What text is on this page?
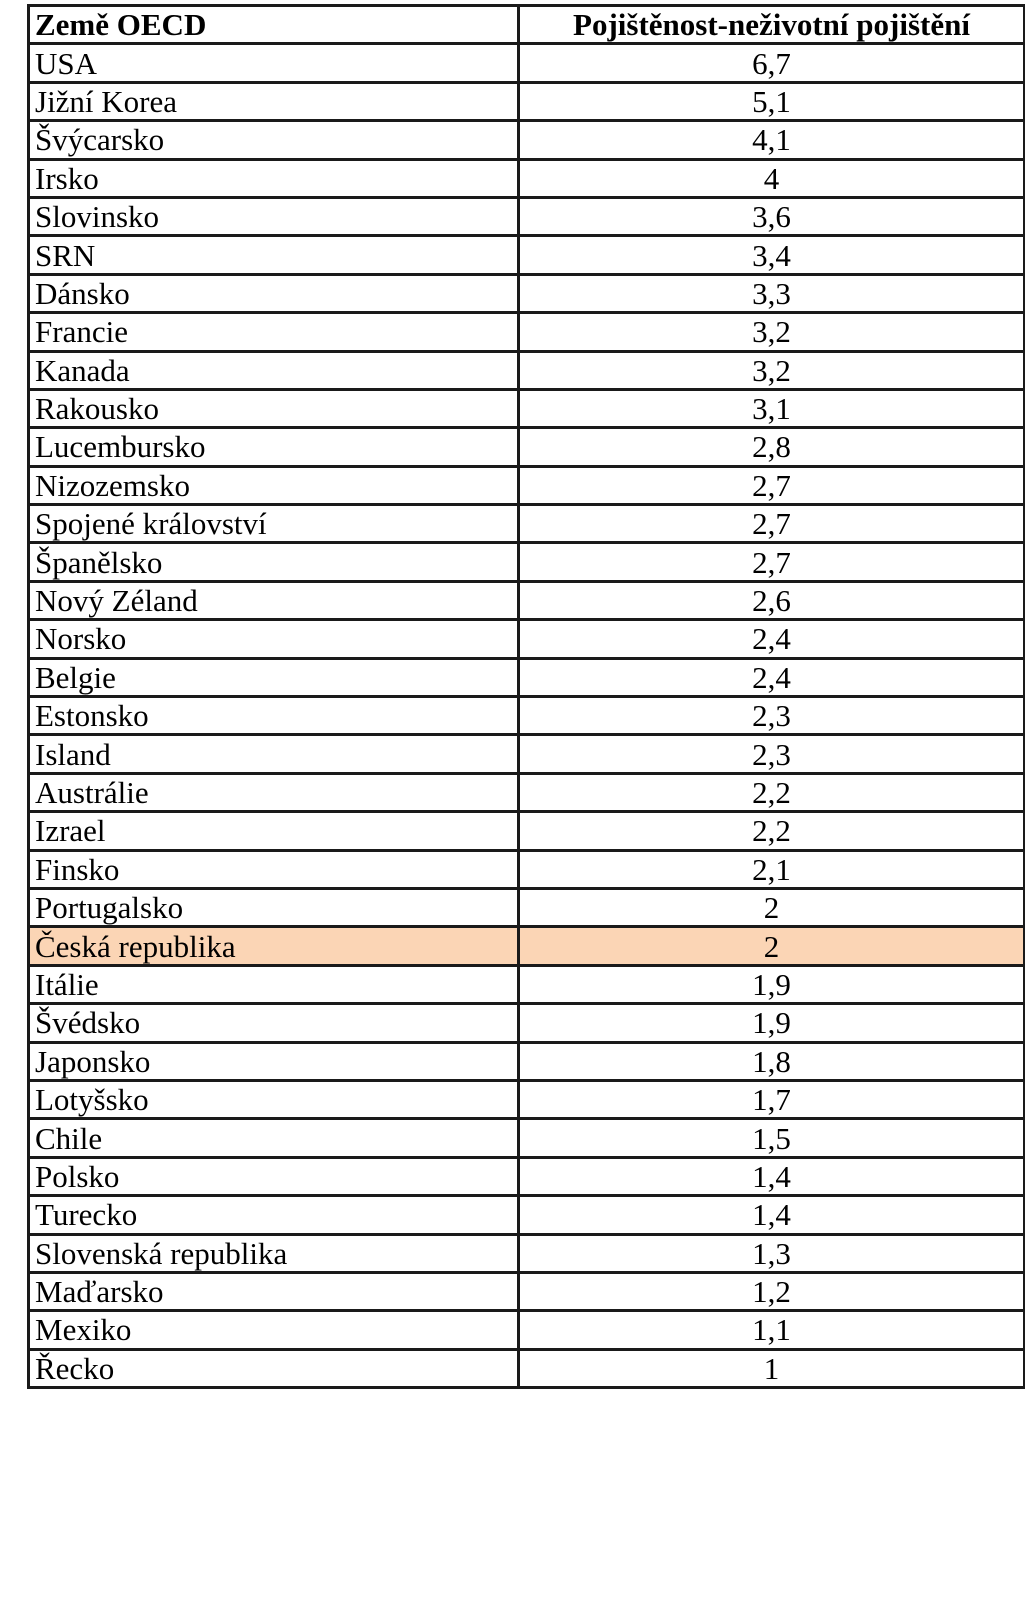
Země OECD	Pojištěnost-neživotní pojištění
USA	6,7
Jižní Korea	5,1
Švýcarsko	4,1
Irsko	4
Slovinsko	3,6
SRN	3,4
Dánsko	3,3
Francie	3,2
Kanada	3,2
Rakousko	3,1
Lucembursko	2,8
Nizozemsko	2,7
Spojené království	2,7
Španělsko	2,7
Nový Zéland	2,6
Norsko	2,4
Belgie	2,4
Estonsko	2,3
Island	2,3
Austrálie	2,2
Izrael	2,2
Finsko	2,1
Portugalsko	2
Česká republika	2
Itálie	1,9
Švédsko	1,9
Japonsko	1,8
Lotyšsko	1,7
Chile	1,5
Polsko	1,4
Turecko	1,4
Slovenská republika	1,3
Maďarsko	1,2
Mexiko	1,1
Řecko	1
